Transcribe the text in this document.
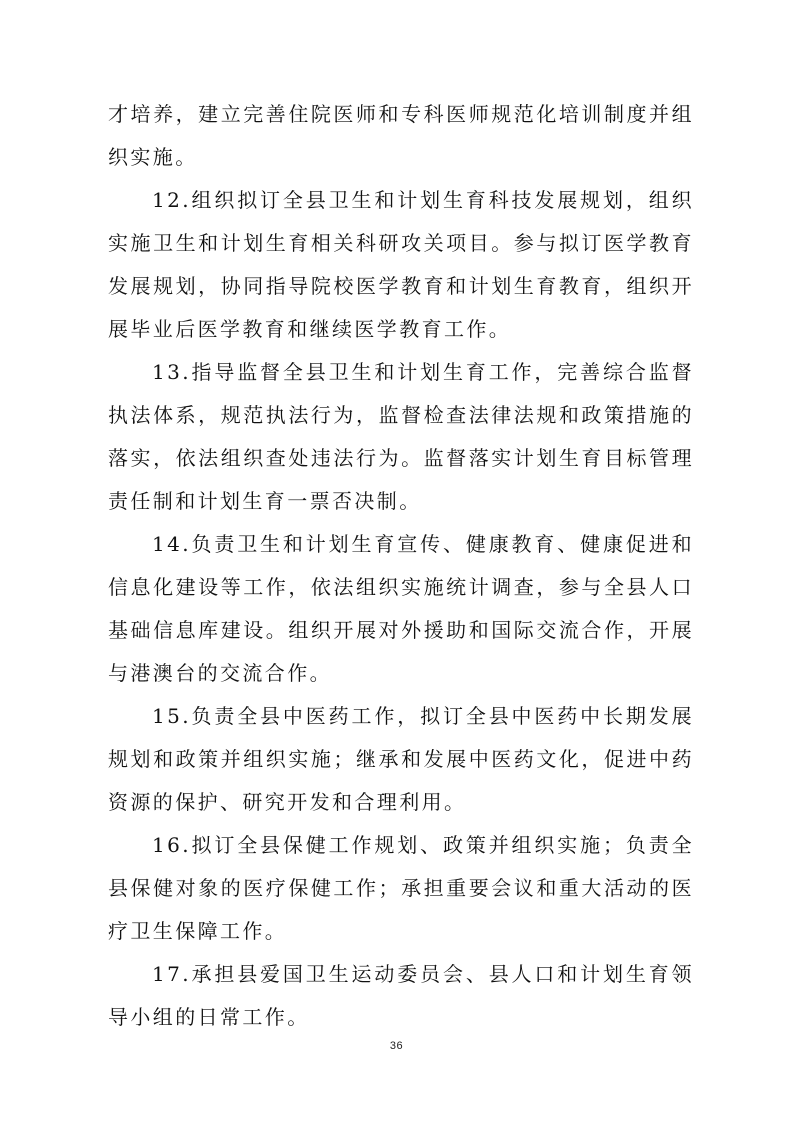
才培养，建立完善住院医师和专科医师规范化培训制度并组织实施。

12.组织拟订全县卫生和计划生育科技发展规划，组织实施卫生和计划生育相关科研攻关项目。参与拟订医学教育发展规划，协同指导院校医学教育和计划生育教育，组织开展毕业后医学教育和继续医学教育工作。

13.指导监督全县卫生和计划生育工作，完善综合监督执法体系，规范执法行为，监督检查法律法规和政策措施的落实，依法组织查处违法行为。监督落实计划生育目标管理责任制和计划生育一票否决制。

14.负责卫生和计划生育宣传、健康教育、健康促进和信息化建设等工作，依法组织实施统计调查，参与全县人口基础信息库建设。组织开展对外援助和国际交流合作，开展与港澳台的交流合作。

15.负责全县中医药工作，拟订全县中医药中长期发展规划和政策并组织实施；继承和发展中医药文化，促进中药资源的保护、研究开发和合理利用。

16.拟订全县保健工作规划、政策并组织实施；负责全县保健对象的医疗保健工作；承担重要会议和重大活动的医疗卫生保障工作。

17.承担县爱国卫生运动委员会、县人口和计划生育领导小组的日常工作。

36
